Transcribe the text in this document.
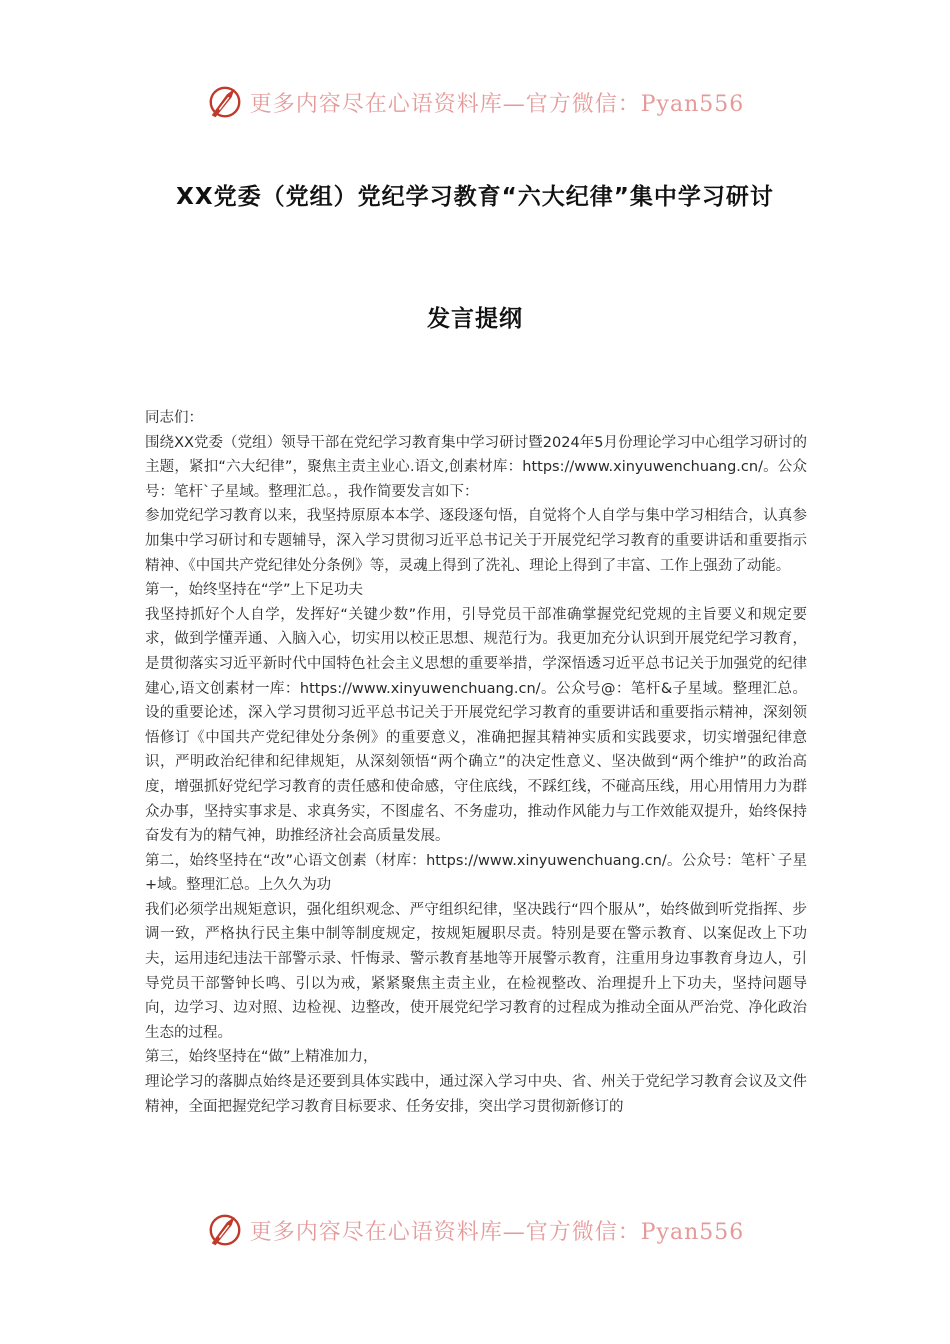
更多内容尽在心语资料库—官方微信：Pyan556
XX党委（党组）党纪学习教育“六大纪律”集中学习研讨
发言提纲

同志们：

围绕XX党委（党组）领导干部在党纪学习教育集中学习研讨暨2024年5月份理论学习中心组学习研讨的主题，紧扣“六大纪律”，聚焦主责主业心.语文,创素材库：https://www.xinyuwenchuang.cn/。公众号：笔杆`子星域。整理汇总。，我作简要发言如下：

参加党纪学习教育以来，我坚持原原本本学、逐段逐句悟，自觉将个人自学与集中学习相结合，认真参加集中学习研讨和专题辅导，深入学习贯彻习近平总书记关于开展党纪学习教育的重要讲话和重要指示精神、《中国共产党纪律处分条例》等，灵魂上得到了洗礼、理论上得到了丰富、工作上强劲了动能。

第一，始终坚持在“学”上下足功夫

我坚持抓好个人自学，发挥好“关键少数”作用，引导党员干部准确掌握党纪党规的主旨要义和规定要求，做到学懂弄通、入脑入心，切实用以校正思想、规范行为。我更加充分认识到开展党纪学习教育，是贯彻落实习近平新时代中国特色社会主义思想的重要举措，学深悟透习近平总书记关于加强党的纪律建心,语文创素材一库：https://www.xinyuwenchuang.cn/。公众号@：笔杆&子星域。整理汇总。设的重要论述，深入学习贯彻习近平总书记关于开展党纪学习教育的重要讲话和重要指示精神，深刻领悟修订《中国共产党纪律处分条例》的重要意义，准确把握其精神实质和实践要求，切实增强纪律意识，严明政治纪律和纪律规矩，从深刻领悟“两个确立”的决定性意义、坚决做到“两个维护”的政治高度，增强抓好党纪学习教育的责任感和使命感，守住底线，不踩红线，不碰高压线，用心用情用力为群众办事，坚持实事求是、求真务实，不图虚名、不务虚功，推动作风能力与工作效能双提升，始终保持奋发有为的精气神，助推经济社会高质量发展。

第二，始终坚持在“改”心语文创素（材库：https://www.xinyuwenchuang.cn/。公众号：笔杆`子星+域。整理汇总。上久久为功

我们必须学出规矩意识，强化组织观念、严守组织纪律，坚决践行“四个服从”，始终做到听党指挥、步调一致，严格执行民主集中制等制度规定，按规矩履职尽责。特别是要在警示教育、以案促改上下功夫，运用违纪违法干部警示录、忏悔录、警示教育基地等开展警示教育，注重用身边事教育身边人，引导党员干部警钟长鸣、引以为戒，紧紧聚焦主责主业，在检视整改、治理提升上下功夫，坚持问题导向，边学习、边对照、边检视、边整改，使开展党纪学习教育的过程成为推动全面从严治党、净化政治生态的过程。

第三，始终坚持在“做”上精准加力，

理论学习的落脚点始终是还要到具体实践中，通过深入学习中央、省、州关于党纪学习教育会议及文件精神，全面把握党纪学习教育目标要求、任务安排，突出学习贯彻新修订的

更多内容尽在心语资料库—官方微信：Pyan556
